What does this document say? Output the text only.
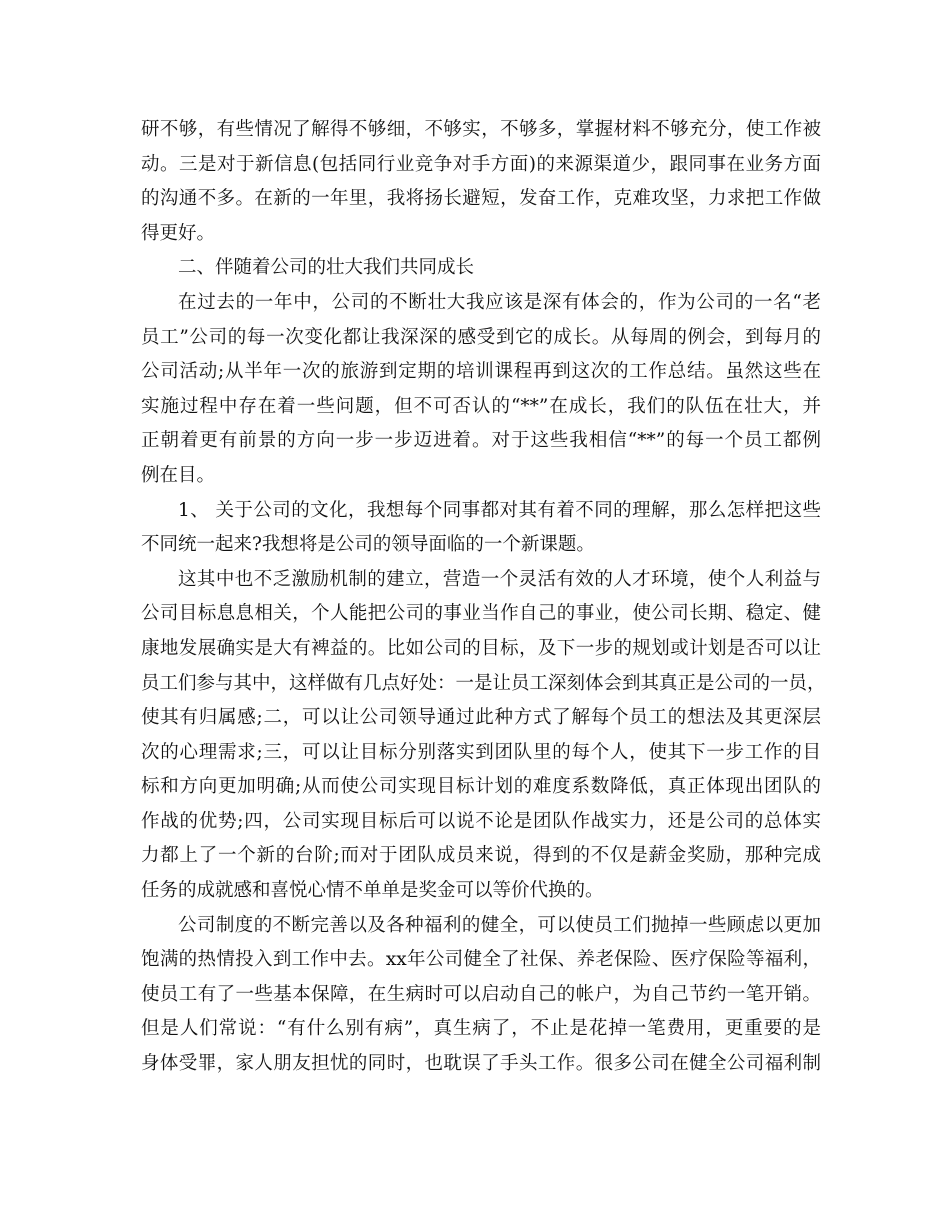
研不够，有些情况了解得不够细，不够实，不够多，掌握材料不够充分，使工作被
动。三是对于新信息(包括同行业竞争对手方面)的来源渠道少，跟同事在业务方面
的沟通不多。在新的一年里，我将扬长避短，发奋工作，克难攻坚，力求把工作做
得更好。
二、伴随着公司的壮大我们共同成长
在过去的一年中，公司的不断壮大我应该是深有体会的，作为公司的一名“老
员工”公司的每一次变化都让我深深的感受到它的成长。从每周的例会，到每月的
公司活动;从半年一次的旅游到定期的培训课程再到这次的工作总结。虽然这些在
实施过程中存在着一些问题，但不可否认的“**”在成长，我们的队伍在壮大，并
正朝着更有前景的方向一步一步迈进着。对于这些我相信“**”的每一个员工都例
例在目。
1、 关于公司的文化，我想每个同事都对其有着不同的理解，那么怎样把这些
不同统一起来?我想将是公司的领导面临的一个新课题。
这其中也不乏激励机制的建立，营造一个灵活有效的人才环境，使个人利益与
公司目标息息相关，个人能把公司的事业当作自己的事业，使公司长期、稳定、健
康地发展确实是大有裨益的。比如公司的目标，及下一步的规划或计划是否可以让
员工们参与其中，这样做有几点好处：一是让员工深刻体会到其真正是公司的一员，
使其有归属感;二，可以让公司领导通过此种方式了解每个员工的想法及其更深层
次的心理需求;三，可以让目标分别落实到团队里的每个人，使其下一步工作的目
标和方向更加明确;从而使公司实现目标计划的难度系数降低，真正体现出团队的
作战的优势;四，公司实现目标后可以说不论是团队作战实力，还是公司的总体实
力都上了一个新的台阶;而对于团队成员来说，得到的不仅是薪金奖励，那种完成
任务的成就感和喜悦心情不单单是奖金可以等价代换的。
公司制度的不断完善以及各种福利的健全，可以使员工们抛掉一些顾虑以更加
饱满的热情投入到工作中去。xx年公司健全了社保、养老保险、医疗保险等福利，
使员工有了一些基本保障，在生病时可以启动自己的帐户，为自己节约一笔开销。
但是人们常说：“有什么别有病”，真生病了，不止是花掉一笔费用，更重要的是
身体受罪，家人朋友担忧的同时，也耽误了手头工作。很多公司在健全公司福利制
